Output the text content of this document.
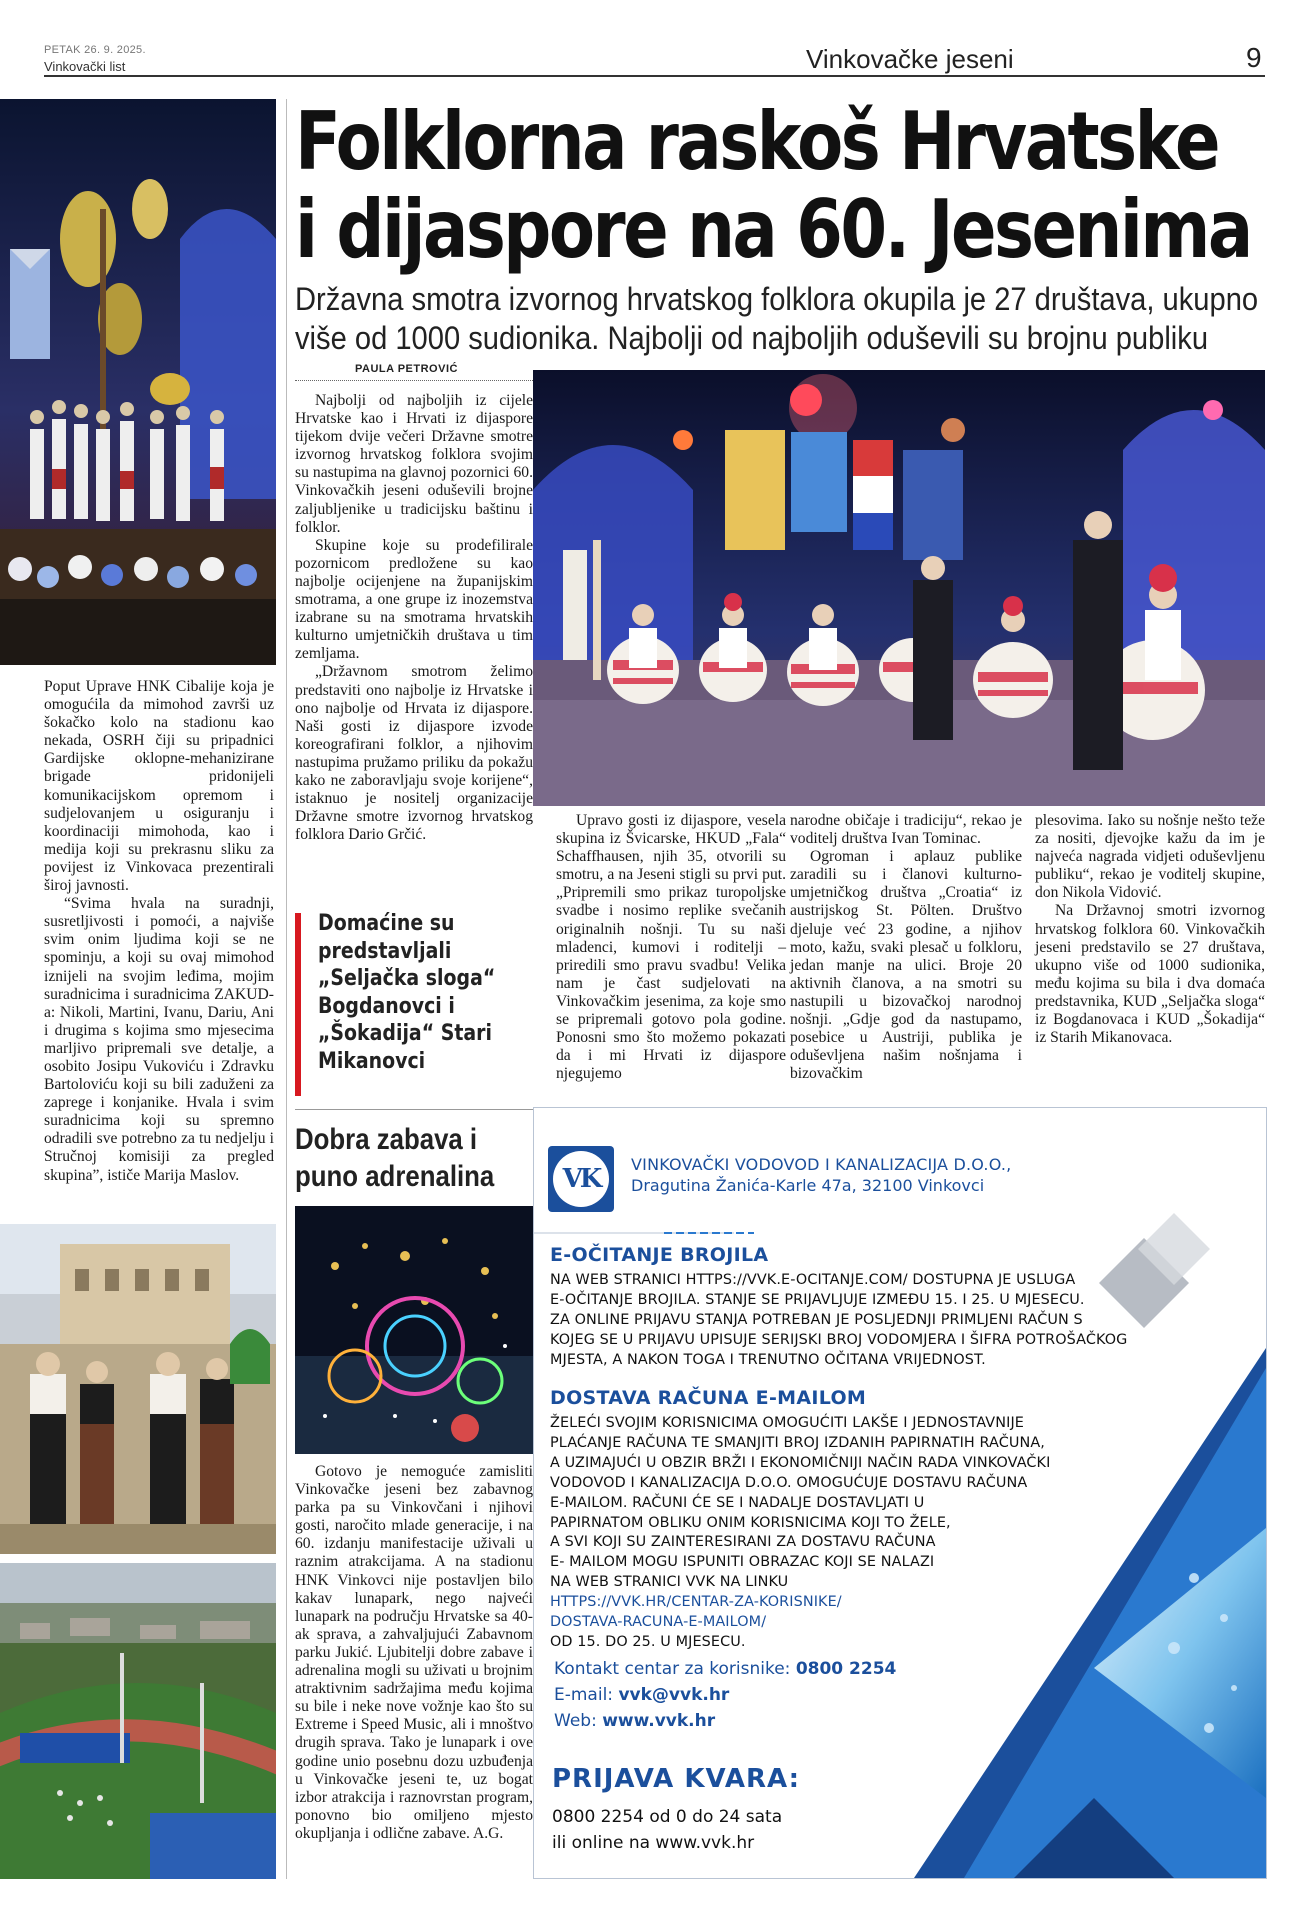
PETAK 26. 9. 2025.
Vinkovački list	Vinkovačke jeseni	9
Folklorna raskoš Hrvatske
i dijaspore na 60. Jesenima
Državna smotra izvornog hrvatskog folklora okupila je 27 društava, ukupno
više od 1000 sudionika. Najbolji od najboljih oduševili su brojnu publiku
PAULA PETROVIĆ

Poput Uprave HNK Cibalije koja je omogućila da mimohod završi uz šokačko kolo na stadionu kao nekada, OSRH čiji su pripadnici Gardijske oklopne-mehanizirane brigade pridonijeli komunikacijskom opremom i sudjelovanjem u osiguranju i koordinaciji mimohoda, kao i medija koji su prekrasnu sliku za povijest iz Vinkovaca prezentirali široj javnosti.

“Svima hvala na suradnji, susretljivosti i pomoći, a najviše svim onim ljudima koji se ne spominju, a koji su ovaj mimohod iznijeli na svojim leđima, mojim suradnicima i suradnicima ZAKUD-a: Nikoli, Martini, Ivanu, Dariu, Ani i drugima s kojima smo mjesecima marljivo pripremali sve detalje, a osobito Josipu Vukoviću i Zdravku Bartoloviću koji su bili zaduženi za zaprege i konjanike. Hvala i svim suradnicima koji su spremno odradili sve potrebno za tu nedjelju i Stručnoj komisiji za pregled skupina”, ističe Marija Maslov.

Najbolji od najboljih iz cijele Hrvatske kao i Hrvati iz dijaspore tijekom dvije večeri Državne smotre izvornog hrvatskog folklora svojim su nastupima na glavnoj pozornici 60. Vinkovačkih jeseni oduševili brojne zaljubljenike u tradicijsku baštinu i folklor.

Skupine koje su prodefilirale pozornicom predložene su kao najbolje ocijenjene na županijskim smotrama, a one grupe iz inozemstva izabrane su na smotrama hrvatskih kulturno umjetničkih društava u tim zemljama.

„Državnom smotrom želimo predstaviti ono najbolje iz Hrvatske i ono najbolje od Hrvata iz dijaspore. Naši gosti iz dijaspore izvode koreografirani folklor, a njihovim nastupima pružamo priliku da pokažu kako ne zaboravljaju svoje korijene“, istaknuo je nositelj organizacije Državne smotre izvornog hrvatskog folklora Dario Grčić.

Domaćine su predstavljali „Seljačka sloga“ Bogdanovci i „Šokadija“ Stari Mikanovci
Dobra zabava i puno adrenalina

Gotovo je nemoguće zamisliti Vinkovačke jeseni bez zabavnog parka pa su Vinkovčani i njihovi gosti, naročito mlade generacije, i na 60. izdanju manifestacije uživali u raznim atrakcijama. A na stadionu HNK Vinkovci nije postavljen bilo kakav lunapark, nego najveći lunapark na području Hrvatske sa 40-ak sprava, a zahvaljujući Zabavnom parku Jukić. Ljubitelji dobre zabave i adrenalina mogli su uživati u brojnim atraktivnim sadržajima među kojima su bile i neke nove vožnje kao što su Extreme i Speed Music, ali i mnoštvo drugih sprava. Tako je lunapark i ove godine unio posebnu dozu uzbuđenja u Vinkovačke jeseni te, uz bogat izbor atrakcija i raznovrstan program, ponovno bio omiljeno mjesto okupljanja i odlične zabave. A.G.

Upravo gosti iz dijaspore, vesela skupina iz Švicarske, HKUD „Fala“ Schaffhausen, njih 35, otvorili su smotru, a na Jeseni stigli su prvi put. „Pripremili smo prikaz turopoljske svadbe i nosimo replike svečanih originalnih nošnji. Tu su naši mladenci, kumovi i roditelji – priredili smo pravu svadbu! Velika nam je čast sudjelovati na Vinkovačkim jesenima, za koje smo se pripremali gotovo pola godine. Ponosni smo što možemo pokazati da i mi Hrvati iz dijaspore njegujemo

narodne običaje i tradiciju“, rekao je voditelj društva Ivan Tominac.

Ogroman i aplauz publike zaradili su i članovi kulturno-umjetničkog društva „Croatia“ iz austrijskog St. Pölten. Društvo djeluje već 23 godine, a njihov moto, kažu, svaki plesač u folkloru, jedan manje na ulici. Broje 20 aktivnih članova, a na smotri su nastupili u bizovačkoj narodnoj nošnji. „Gdje god da nastupamo, posebice u Austriji, publika je oduševljena našim nošnjama i bizovačkim

plesovima. Iako su nošnje nešto teže za nositi, djevojke kažu da im je najveća nagrada vidjeti oduševljenu publiku“, rekao je voditelj skupine, don Nikola Vidović.

Na Državnoj smotri izvornog hrvatskog folklora 60. Vinkovačkih jeseni predstavilo se 27 društava, ukupno više od 1000 sudionika, među kojima su bila i dva domaća predstavnika, KUD „Seljačka sloga“ iz Bogdanovaca i KUD „Šokadija“ iz Starih Mikanovaca.

VK VINKOVAČKI VODOVOD I KANALIZACIJA D.O.O.,
Dragutina Žanića-Karle 47a, 32100 Vinkovci
E-OČITANJE BROJILA
NA WEB STRANICI HTTPS://VVK.E-OCITANJE.COM/ DOSTUPNA JE USLUGA
E-OČITANJE BROJILA. STANJE SE PRIJAVLJUJE IZMEĐU 15. I 25. U MJESECU.
ZA ONLINE PRIJAVU STANJA POTREBAN JE POSLJEDNJI PRIMLJENI RAČUN S
KOJEG SE U PRIJAVU UPISUJE SERIJSKI BROJ VODOMJERA I ŠIFRA POTROŠAČKOG
MJESTA, A NAKON TOGA I TRENUTNO OČITANA VRIJEDNOST.
DOSTAVA RAČUNA E-MAILOM
ŽELEĆI SVOJIM KORISNICIMA OMOGUĆITI LAKŠE I JEDNOSTAVNIJE
PLAĆANJE RAČUNA TE SMANJITI BROJ IZDANIH PAPIRNATIH RAČUNA,
A UZIMAJUĆI U OBZIR BRŽI I EKONOMIČNIJI NAČIN RADA VINKOVAČKI
VODOVOD I KANALIZACIJA D.O.O. OMOGUĆUJE DOSTAVU RAČUNA
E-MAILOM. RAČUNI ĆE SE I NADALJE DOSTAVLJATI U
PAPIRNATOM OBLIKU ONIM KORISNICIMA KOJI TO ŽELE,
A SVI KOJI SU ZAINTERESIRANI ZA DOSTAVU RAČUNA
E- MAILOM MOGU ISPUNITI OBRAZAC KOJI SE NALAZI
NA WEB STRANICI VVK NA LINKU
HTTPS://VVK.HR/CENTAR-ZA-KORISNIKE/
DOSTAVA-RACUNA-E-MAILOM/
OD 15. DO 25. U MJESECU.
Kontakt centar za korisnike: 0800 2254
E-mail: vvk@vvk.hr
Web: www.vvk.hr
PRIJAVA KVARA:
0800 2254 od 0 do 24 sata
ili online na www.vvk.hr
